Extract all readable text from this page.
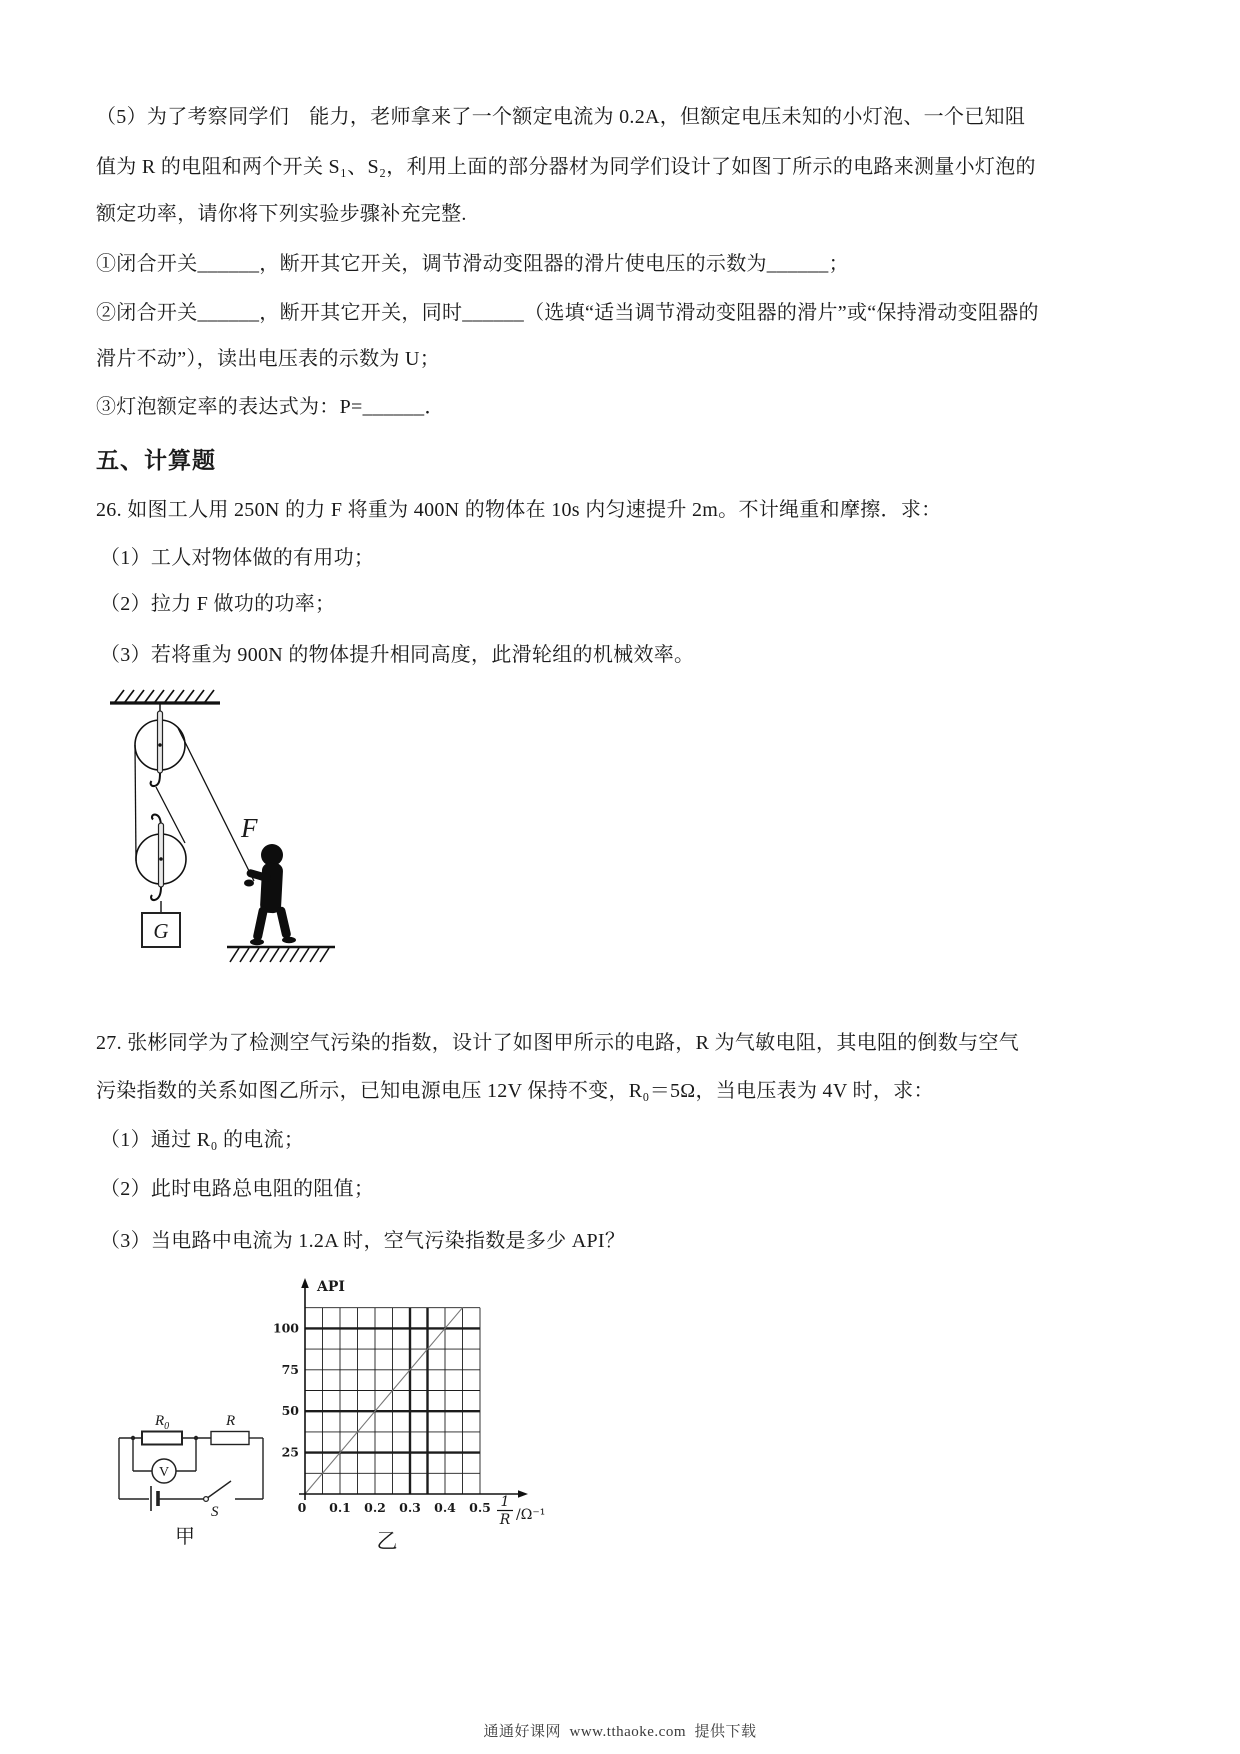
（5）为了考察同学们　能力，老师拿来了一个额定电流为 0.2A，但额定电压未知的小灯泡、一个已知阻
值为 R 的电阻和两个开关 S₁、S₂，利用上面的部分器材为同学们设计了如图丁所示的电路来测量小灯泡的
额定功率，请你将下列实验步骤补充完整.
①闭合开关______，断开其它开关，调节滑动变阻器的滑片使电压的示数为______；
②闭合开关______，断开其它开关，同时______（选填“适当调节滑动变阻器的滑片”或“保持滑动变阻器的
滑片不动”），读出电压表的示数为 U；
③灯泡额定率的表达式为：P=______．
五、计算题
26. 如图工人用 250N 的力 F 将重为 400N 的物体在 10s 内匀速提升 2m。不计绳重和摩擦．求：
（1）工人对物体做的有用功；
（2）拉力 F 做功的功率；
（3）若将重为 900N 的物体提升相同高度，此滑轮组的机械效率。
G
F
27. 张彬同学为了检测空气污染的指数，设计了如图甲所示的电路，R 为气敏电阻，其电阻的倒数与空气
污染指数的关系如图乙所示，已知电源电压 12V 保持不变，R₀＝5Ω，当电压表为 4V 时，求：
（1）通过 R₀ 的电流；
（2）此时电路总电阻的阻值；
（3）当电路中电流为 1.2A 时，空气污染指数是多少 API？
$R_0$	R
V
S
甲
API
25
50
75
100
0 0.1 0.2 0.3 0.4 0.5 1
R /Ω⁻¹
乙
通通好课网  www.tthaoke.com  提供下载
